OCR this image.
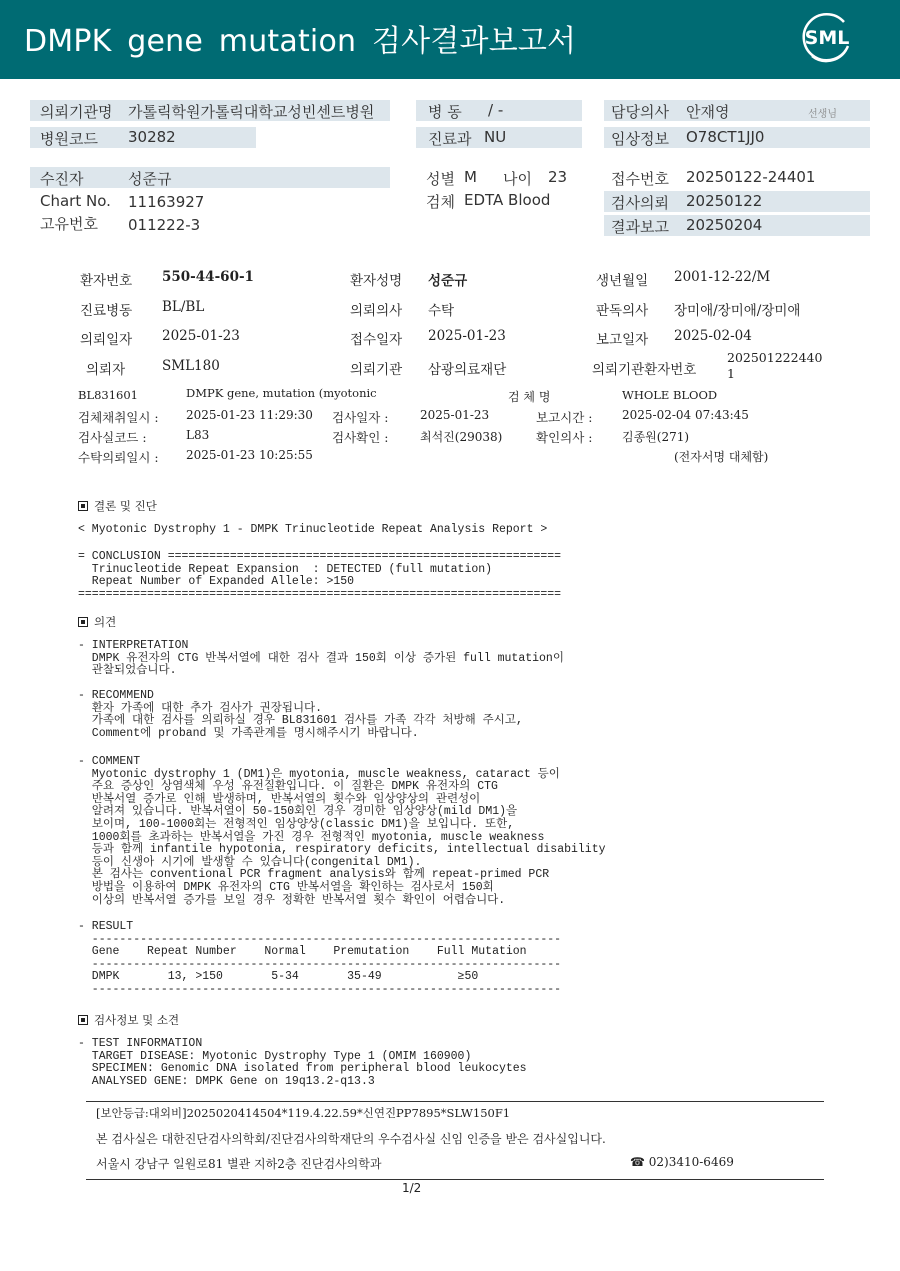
DMPK gene mutation 검사결과보고서	SML
의뢰기관명 가톨릭학원가톨릭대학교성빈센트병원
병원코드 30282
병 동 / -
진료과 NU
담당의사 안재영	선생님
임상정보 O78CT1JJ0
수진자	성준규
Chart No. 11163927
고유번호 011222-3
성별 M 나이 23
검체 EDTA Blood
접수번호 20250122-24401
검사의뢰 20250122
결과보고 20250204
환자번호 550-44-60-1	환자성명 성준규	생년월일 2001-12-22/M
진료병동 BL/BL	의뢰의사 수탁	판독의사 장미애/장미애/장미애
의뢰일자 2025-01-23	접수일자 2025-01-23	보고일자 2025-02-04
의뢰자	SML180	의뢰기관 삼광의료재단	의뢰기관환자번호
202501222440
1
BL831601	DMPK gene, mutation (myotonic	검 체 명	WHOLE BLOOD
검체채취일시 : 2025-01-23 11:29:30 검사일자 :	2025-01-23	보고시간 : 2025-02-04 07:43:45
검사실코드 :	L83	검사확인 :	최석진(29038)	확인의사 : 김종원(271)
수탁의뢰일시 : 2025-01-23 10:25:55	(전자서명 대체함)
결론 및 진단
< Myotonic Dystrophy 1 - DMPK Trinucleotide Repeat Analysis Report >
= CONCLUSION =========================================================
Trinucleotide Repeat Expansion  : DETECTED (full mutation)
Repeat Number of Expanded Allele: >150
======================================================================
의견
- INTERPRETATION
DMPK 유전자의 CTG 반복서열에 대한 검사 결과 150회 이상 증가된 full mutation이
관찰되었습니다.
- RECOMMEND
환자 가족에 대한 추가 검사가 권장됩니다.
가족에 대한 검사를 의뢰하실 경우 BL831601 검사를 가족 각각 처방해 주시고,
Comment에 proband 및 가족관계를 명시해주시기 바랍니다.
- COMMENT
Myotonic dystrophy 1 (DM1)은 myotonia, muscle weakness, cataract 등이
주요 증상인 상염색체 우성 유전질환입니다. 이 질환은 DMPK 유전자의 CTG
반복서열 증가로 인해 발생하며, 반복서열의 횟수와 임상양상의 관련성이
알려져 있습니다. 반복서열이 50-150회인 경우 경미한 임상양상(mild DM1)을
보이며, 100-1000회는 전형적인 임상양상(classic DM1)을 보입니다. 또한,
1000회를 초과하는 반복서열을 가진 경우 전형적인 myotonia, muscle weakness
등과 함께 infantile hypotonia, respiratory deficits, intellectual disability
등이 신생아 시기에 발생할 수 있습니다(congenital DM1).
본 검사는 conventional PCR fragment analysis와 함께 repeat-primed PCR
방법을 이용하여 DMPK 유전자의 CTG 반복서열을 확인하는 검사로서 150회
이상의 반복서열 증가를 보일 경우 정확한 반복서열 횟수 확인이 어렵습니다.
- RESULT
--------------------------------------------------------------------
Gene    Repeat Number    Normal    Premutation    Full Mutation
--------------------------------------------------------------------
DMPK       13, >150       5-34       35-49           ≥50
--------------------------------------------------------------------
검사정보 및 소견
- TEST INFORMATION
TARGET DISEASE: Myotonic Dystrophy Type 1 (OMIM 160900)
SPECIMEN: Genomic DNA isolated from peripheral blood leukocytes
ANALYSED GENE: DMPK Gene on 19q13.2-q13.3
[보안등급:대외비]2025020414504*119.4.22.59*신연진PP7895*SLW150F1
본 검사실은 대한진단검사의학회/진단검사의학재단의 우수검사실 신임 인증을 받은 검사실입니다.
서울시 강남구 일원로81 별관 지하2층 진단검사의학과	☎ 02)3410-6469
1/2
